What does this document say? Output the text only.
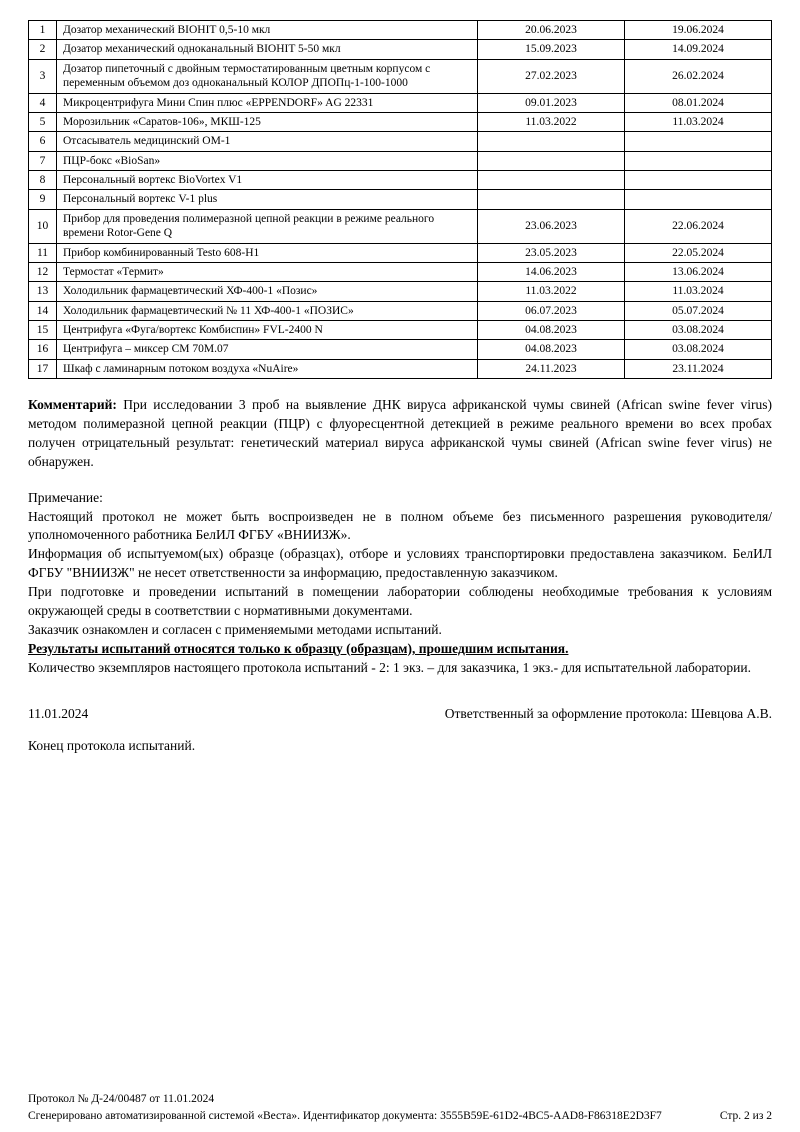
1	Дозатор механический BIOHIT 0,5-10 мкл	20.06.2023	19.06.2024
2	Дозатор механический одноканальный BIOHIT 5-50 мкл	15.09.2023	14.09.2024
3	Дозатор пипеточный с двойным термостатированным цветным корпусом с переменным объемом доз одноканальный КОЛОР ДПОПц-1-100-1000	27.02.2023	26.02.2024
4	Микроцентрифуга Мини Спин плюс «EPPENDORF» AG 22331	09.01.2023	08.01.2024
5	Морозильник «Саратов-106», МКШ-125	11.03.2022	11.03.2024
6	Отсасыватель медицинский ОМ-1		
7	ПЦР-бокс «BioSan»		
8	Персональный вортекс BioVortex V1		
9	Персональный вортекс V-1 plus		
10	Прибор для проведения полимеразной цепной реакции в режиме реального времени Rotor-Gene Q	23.06.2023	22.06.2024
11	Прибор комбинированный Testo 608-H1	23.05.2023	22.05.2024
12	Термостат «Термит»	14.06.2023	13.06.2024
13	Холодильник фармацевтический ХФ-400-1 «Позис»	11.03.2022	11.03.2024
14	Холодильник фармацевтический № 11 ХФ-400-1 «ПОЗИС»	06.07.2023	05.07.2024
15	Центрифуга «Фуга/вортекс Комбиспин» FVL-2400 N	04.08.2023	03.08.2024
16	Центрифуга – миксер СМ 70М.07	04.08.2023	03.08.2024
17	Шкаф с ламинарным потоком воздуха «NuAire»	24.11.2023	23.11.2024

Комментарий: При исследовании 3 проб на выявление ДНК вируса африканской чумы свиней (African swine fever virus) методом полимеразной цепной реакции (ПЦР) с флуоресцентной детекцией в режиме реального времени во всех пробах получен отрицательный результат: генетический материал вируса африканской чумы свиней (African swine fever virus) не обнаружен.

Примечание:

Настоящий протокол не может быть воспроизведен не в полном объеме без письменного разрешения руководителя/уполномоченного работника БелИЛ ФГБУ «ВНИИЗЖ».

Информация об испытуемом(ых) образце (образцах), отборе и условиях транспортировки предоставлена заказчиком. БелИЛ ФГБУ "ВНИИЗЖ" не несет ответственности за информацию, предоставленную заказчиком.

При подготовке и проведении испытаний в помещении лаборатории соблюдены необходимые требования к условиям окружающей среды в соответствии с нормативными документами.

Заказчик ознакомлен и согласен с применяемыми методами испытаний.

Результаты испытаний относятся только к образцу (образцам), прошедшим испытания.

Количество экземпляров настоящего протокола испытаний - 2: 1 экз. – для заказчика, 1 экз.- для испытательной лаборатории.

11.01.2024	Ответственный за оформление протокола: Шевцова А.В.

Конец протокола испытаний.

Протокол № Д-24/00487 от 11.01.2024
Сгенерировано автоматизированной системой «Веста». Идентификатор документа: 3555B59E-61D2-4BC5-AAD8-F86318E2D3F7	Стр. 2 из 2
